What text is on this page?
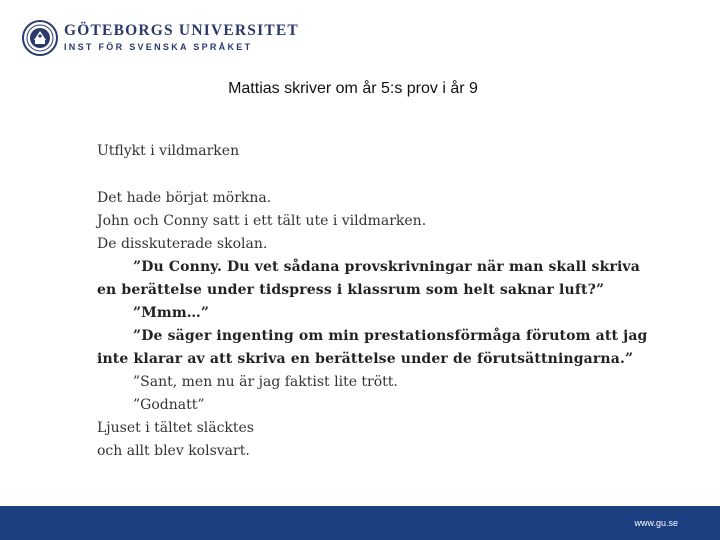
GÖTEBORGS UNIVERSITET
INST FÖR SVENSKA SPRÅKET
Mattias skriver om år 5:s prov i år 9
Utflykt i vildmarken
Det hade börjat mörkna.
John och Conny satt i ett tält ute i vildmarken.
De disskuterade skolan.
”Du Conny. Du vet sådana provskrivningar när man skall skriva
en berättelse under tidspress i klassrum som helt saknar luft?”
”Mmm…”
”De säger ingenting om min prestationsförmåga förutom att jag
inte klarar av att skriva en berättelse under de förutsättningarna.”
”Sant, men nu är jag faktist lite trött.
”Godnatt”
Ljuset i tältet släcktes
och allt blev kolsvart.
www.gu.se
